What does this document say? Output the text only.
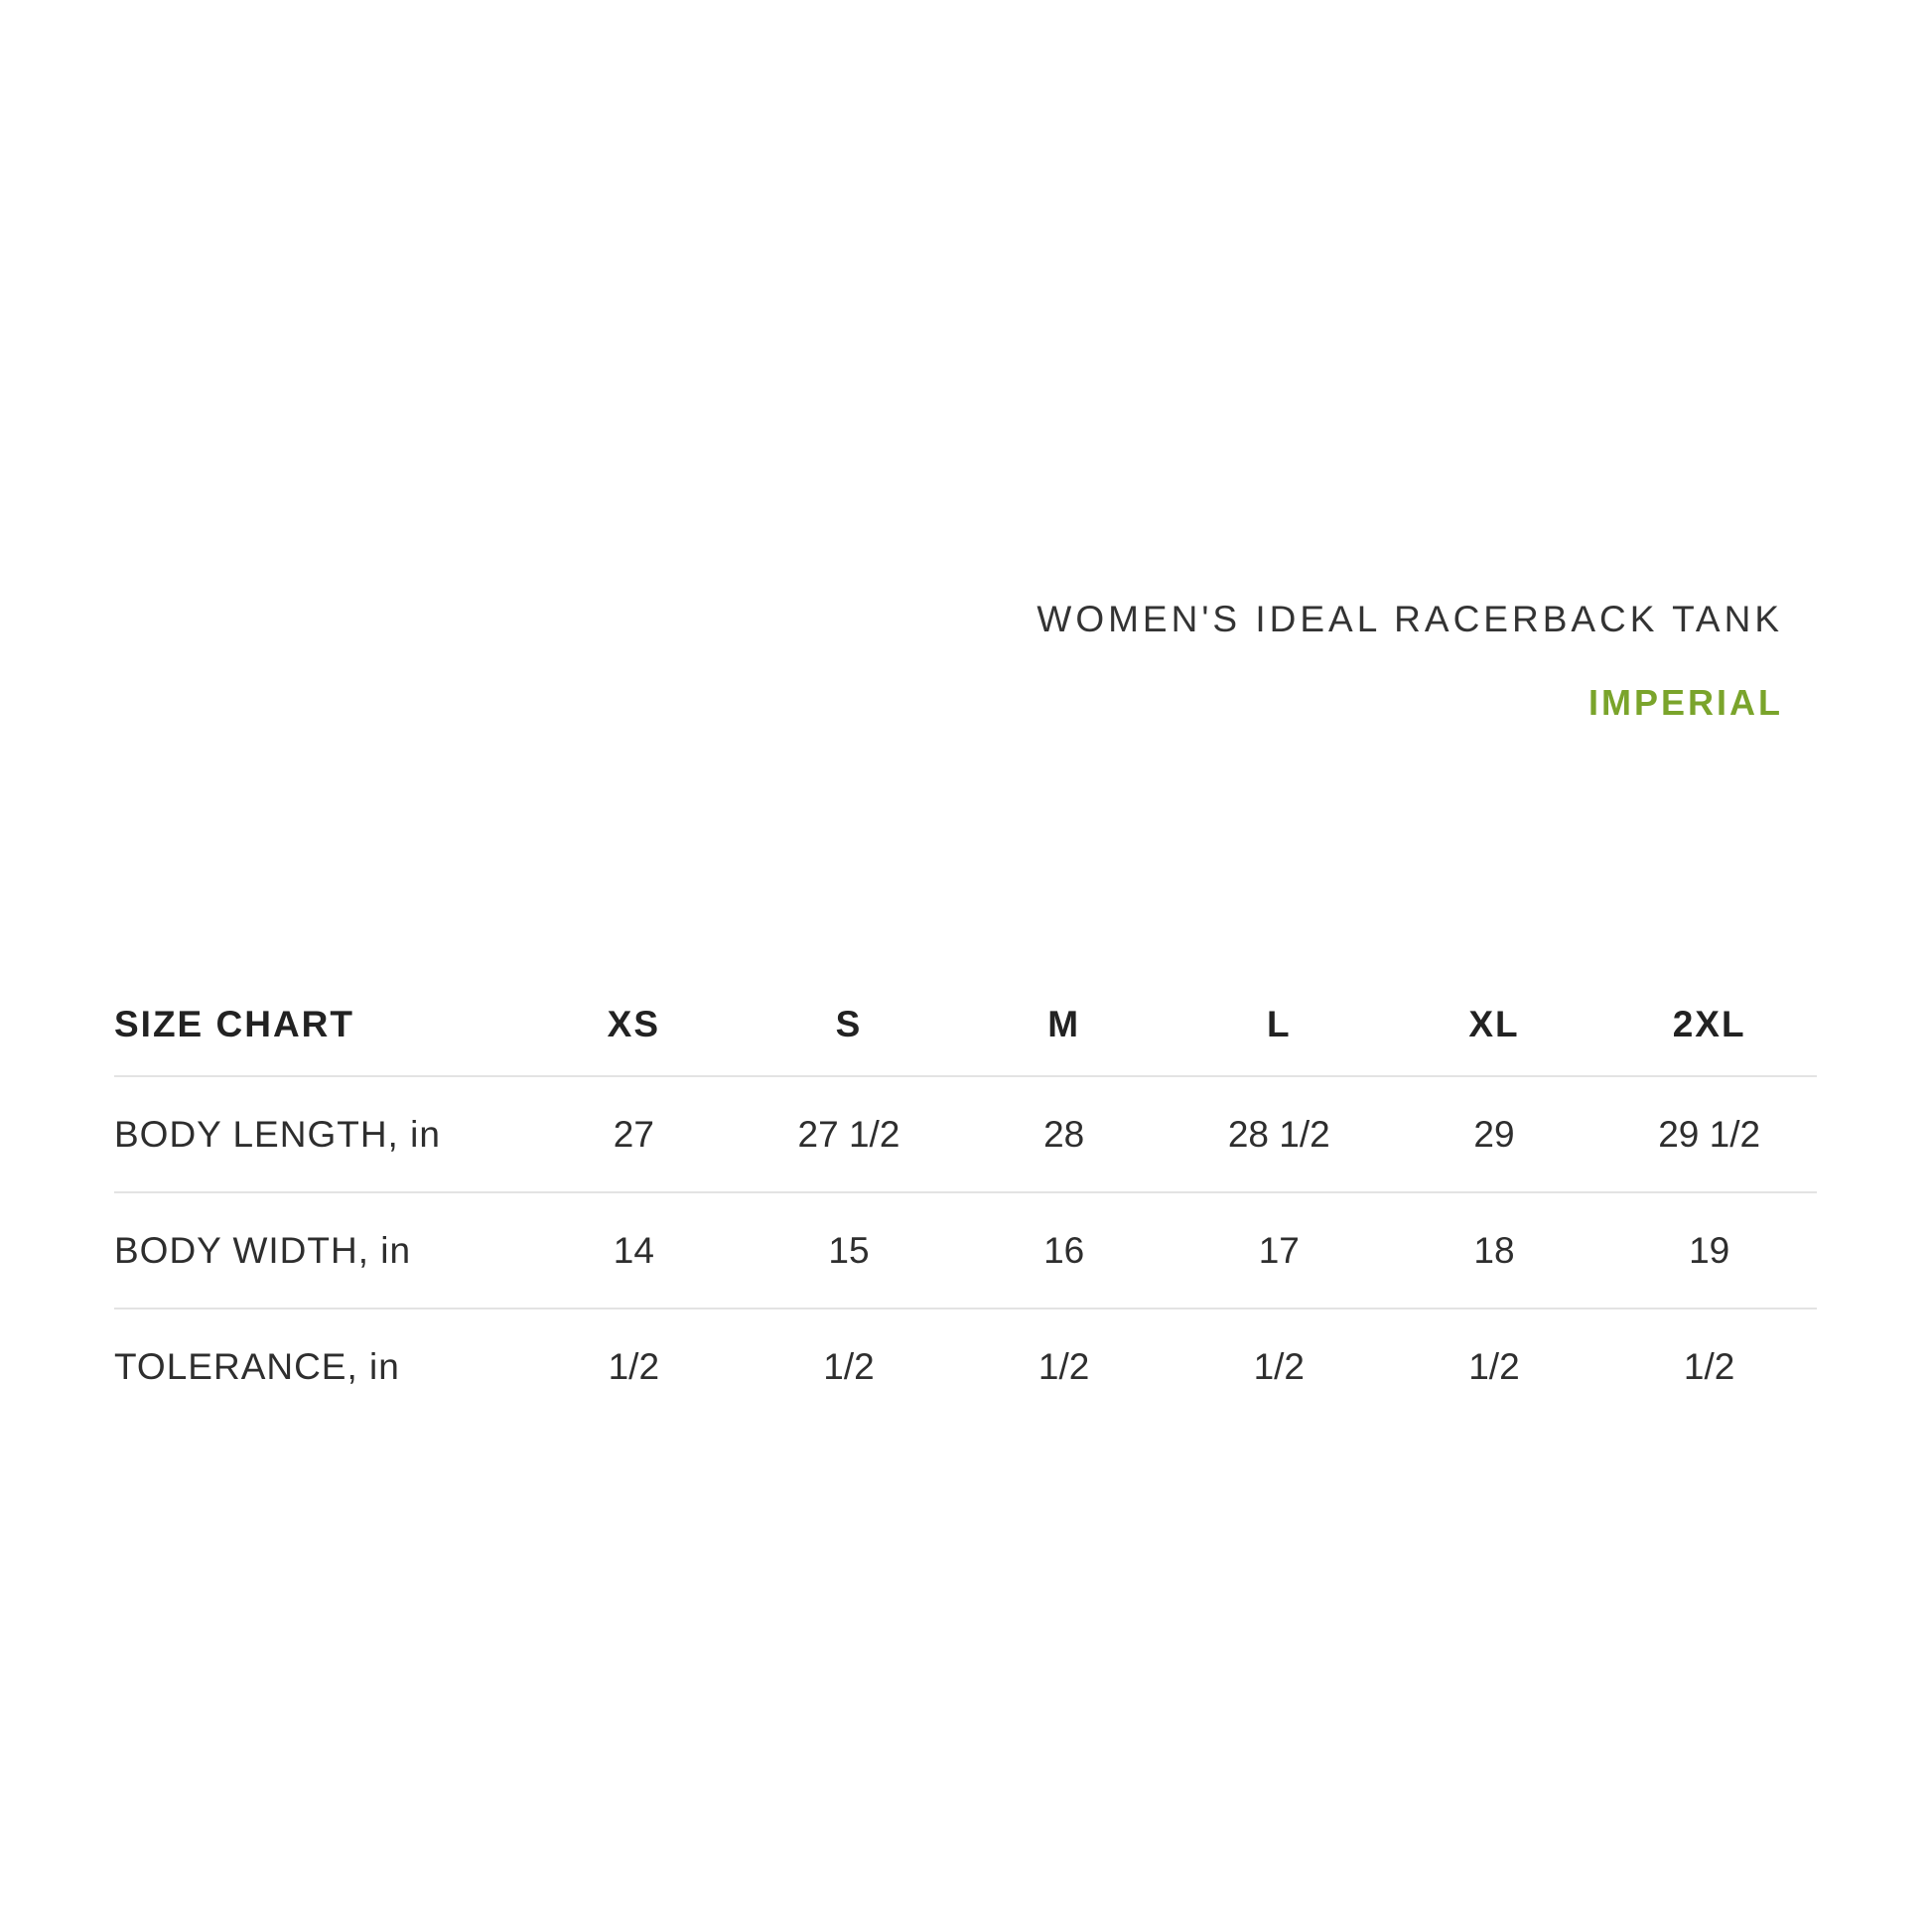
WOMEN'S IDEAL RACERBACK TANK
IMPERIAL
SIZE CHART	XS	S	M	L	XL	2XL
BODY LENGTH, in	27	27 1/2	28	28 1/2	29	29 1/2
BODY WIDTH, in	14	15	16	17	18	19
TOLERANCE, in	1/2	1/2	1/2	1/2	1/2	1/2
